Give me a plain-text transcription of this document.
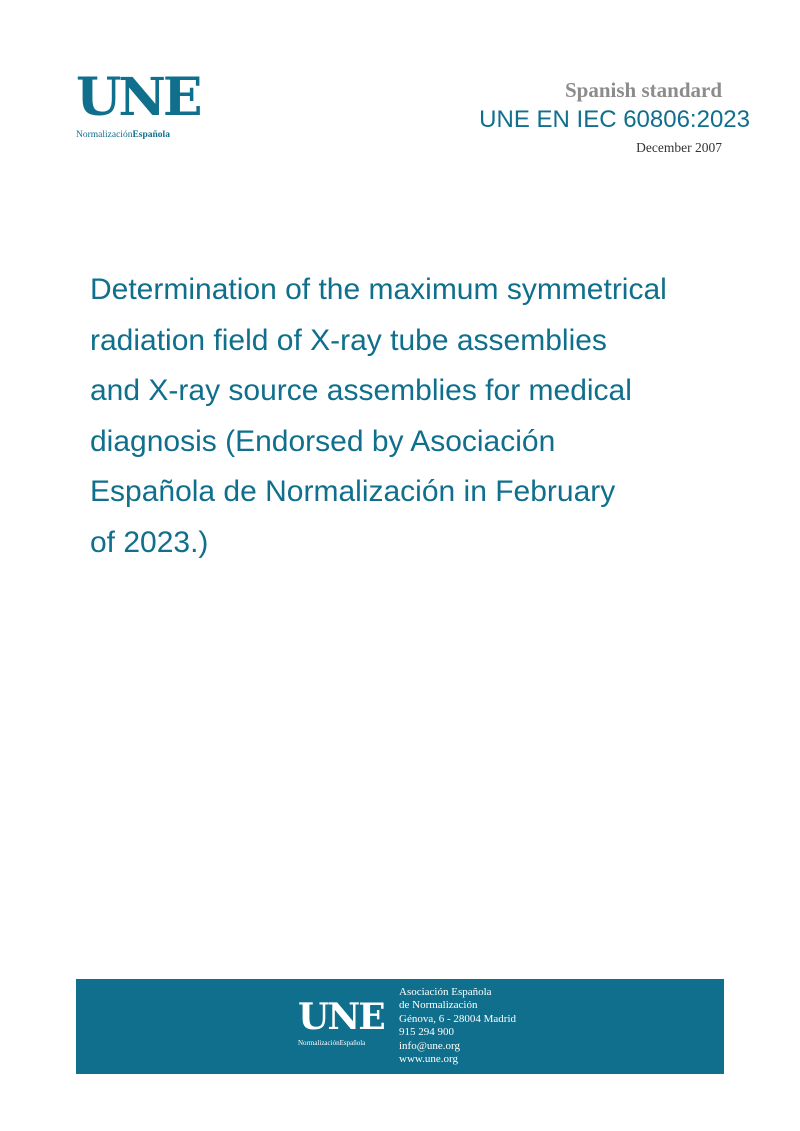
UNE
NormalizaciónEspañola
Spanish standard
UNE EN IEC 60806:2023
December 2007
Determination of the maximum symmetrical
radiation field of X-ray tube assemblies
and X-ray source assemblies for medical
diagnosis (Endorsed by Asociación
Española de Normalización in February
of 2023.)
UNE
NormalizaciónEspañola
Asociación Española
de Normalización
Génova, 6 - 28004 Madrid
915 294 900
info@une.org
www.une.org
